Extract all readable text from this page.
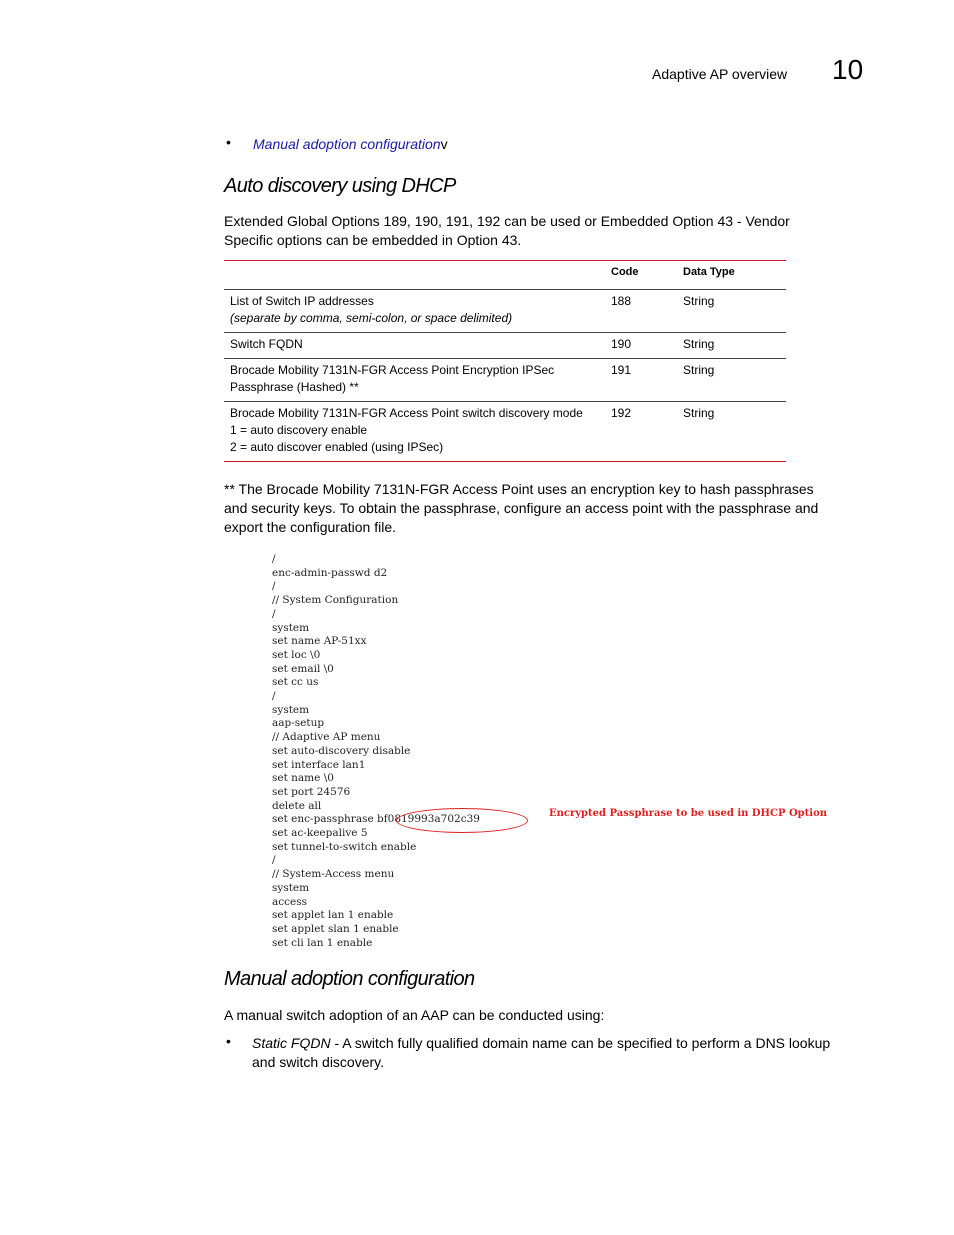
Adaptive AP overview 10
• Manual adoption configurationv
Auto discovery using DHCP
Extended Global Options 189, 190, 191, 192 can be used or Embedded Option 43 - Vendor
Specific options can be embedded in Option 43.
	Code	Data Type

List of Switch IP addresses
(separate by comma, semi-colon, or space delimited)	188	String

Switch FQDN	190	String

Brocade Mobility 7131N-FGR Access Point Encryption IPSec
Passphrase (Hashed) **	191	String

Brocade Mobility 7131N-FGR Access Point switch discovery mode
1 = auto discovery enable
2 = auto discover enabled (using IPSec)	192	String
** The Brocade Mobility 7131N-FGR Access Point uses an encryption key to hash passphrases
and security keys. To obtain the passphrase, configure an access point with the passphrase and
export the configuration file.
/
enc-admin-passwd d2
/
// System Configuration
/
system
set name AP-51xx
set loc \0
set email \0
set cc us
/
system
aap-setup
// Adaptive AP menu
set auto-discovery disable
set interface lan1
set name \0
set port 24576
delete all
set enc-passphrase bf0819993a702c39
set ac-keepalive 5
set tunnel-to-switch enable
/
// System-Access menu
system
access
set applet lan 1 enable
set applet slan 1 enable
set cli lan 1 enable
Encrypted Passphrase to be used in DHCP Option
Manual adoption configuration
A manual switch adoption of an AAP can be conducted using:
• Static FQDN - A switch fully qualified domain name can be specified to perform a DNS lookup
and switch discovery.
